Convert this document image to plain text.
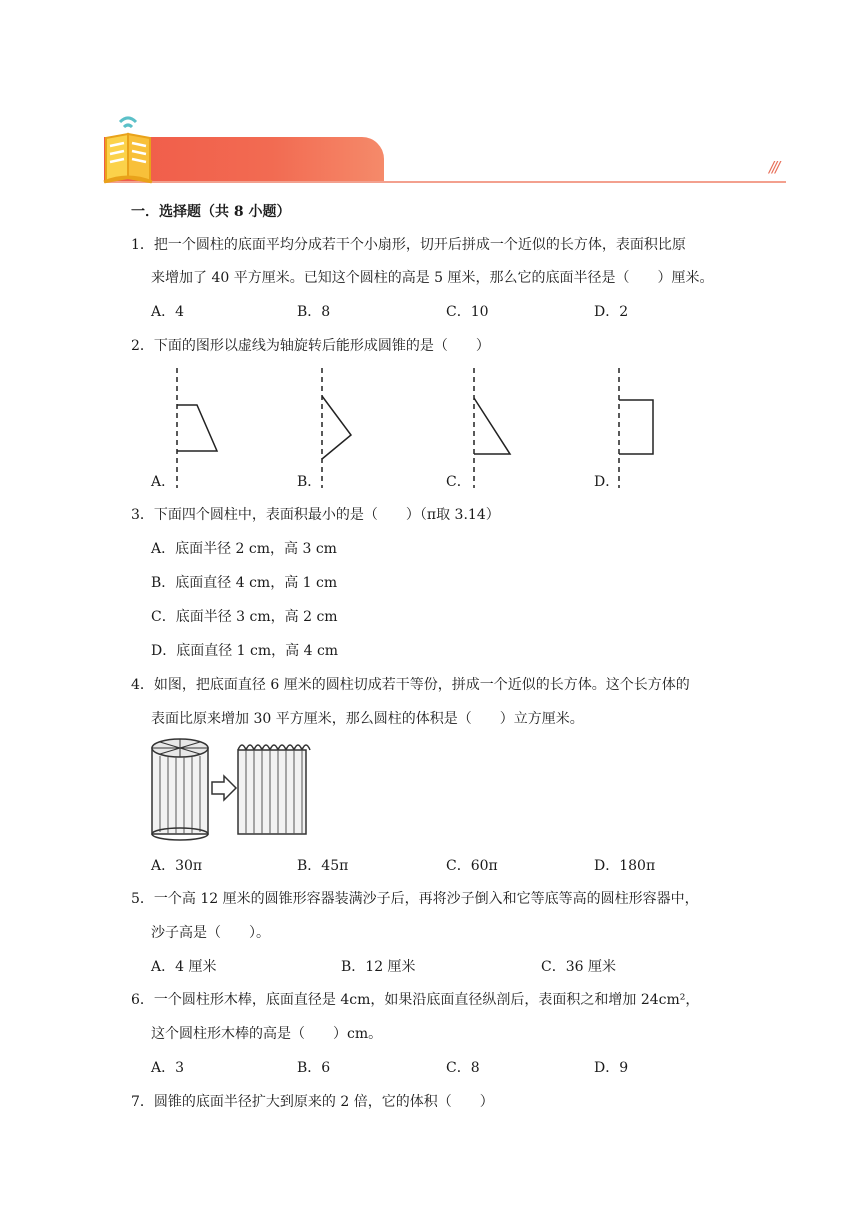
///
一．选择题（共 8 小题）
1．把一个圆柱的底面平均分成若干个小扇形，切开后拼成一个近似的长方体，表面积比原
来增加了 40 平方厘米。已知这个圆柱的高是 5 厘米，那么它的底面半径是（　　）厘米。
A．4	B．8	C．10	D．2
2．下面的图形以虚线为轴旋转后能形成圆锥的是（　　）
A．	B．	C．	D．
3．下面四个圆柱中，表面积最小的是（　　）（π取 3.14）
A．底面半径 2 cm，高 3 cm
B．底面直径 4 cm，高 1 cm
C．底面半径 3 cm，高 2 cm
D．底面直径 1 cm，高 4 cm
4．如图，把底面直径 6 厘米的圆柱切成若干等份，拼成一个近似的长方体。这个长方体的
表面比原来增加 30 平方厘米，那么圆柱的体积是（　　）立方厘米。
A．30π	B．45π	C．60π	D．180π
5．一个高 12 厘米的圆锥形容器装满沙子后，再将沙子倒入和它等底等高的圆柱形容器中，
沙子高是（　　）。
A．4 厘米	B．12 厘米	C．36 厘米
6．一个圆柱形木棒，底面直径是 4cm，如果沿底面直径纵剖后，表面积之和增加 24cm²，
这个圆柱形木棒的高是（　　）cm。
A．3	B．6	C．8	D．9
7．圆锥的底面半径扩大到原来的 2 倍，它的体积（　　）
